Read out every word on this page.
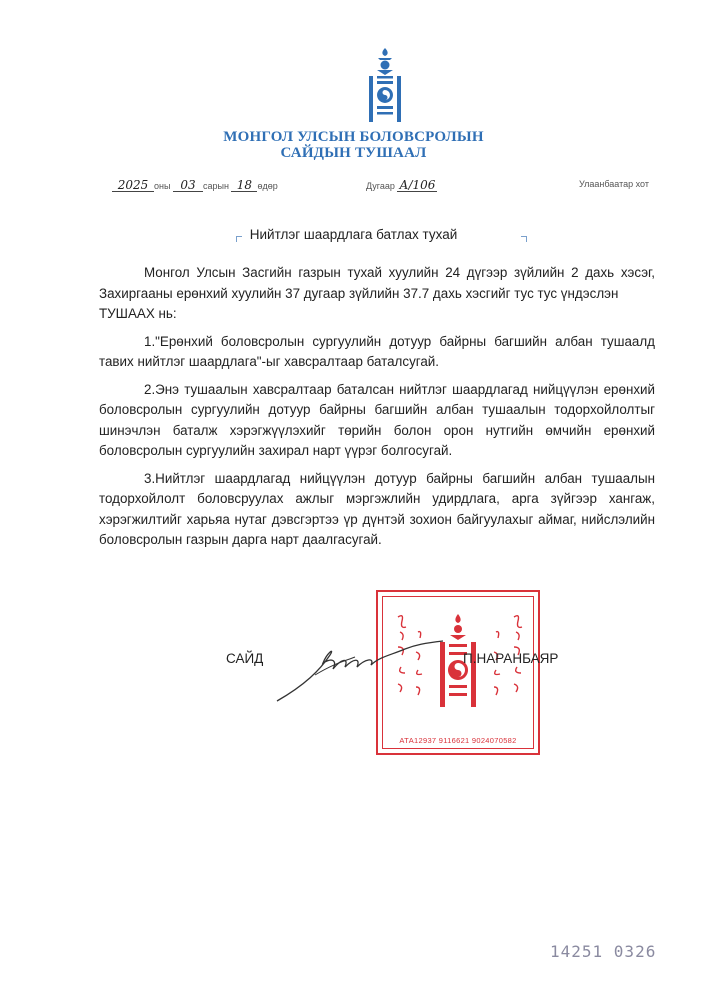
МОНГОЛ УЛСЫН БОЛОВСРОЛЫН
САЙДЫН ТУШААЛ
2025 оны 03 сарын 18 өдөр	Дугаар А/106	Улаанбаатар хот
Нийтлэг шаардлага батлах тухай

Монгол Улсын Засгийн газрын тухай хуулийн 24 дүгээр зүйлийн 2 дахь хэсэг, Захиргааны ерөнхий хуулийн 37 дугаар зүйлийн 37.7 дахь хэсгийг тус тус үндэслэн
ТУШААХ нь:

1."Ерөнхий боловсролын сургуулийн дотуур байрны багшийн албан тушаалд тавих нийтлэг шаардлага"-ыг хавсралтаар баталсугай.

2.Энэ тушаалын хавсралтаар баталсан нийтлэг шаардлагад нийцүүлэн ерөнхий боловсролын сургуулийн дотуур байрны багшийн албан тушаалын тодорхойлолтыг шинэчлэн баталж хэрэгжүүлэхийг төрийн болон орон нутгийн өмчийн ерөнхий боловсролын сургуулийн захирал нарт үүрэг болгосугай.

3.Нийтлэг шаардлагад нийцүүлэн дотуур байрны багшийн албан тушаалын тодорхойлолт боловсруулах ажлыг мэргэжлийн удирдлага, арга зүйгээр хангаж, хэрэгжилтийг харьяа нутаг дэвсгэртээ үр дүнтэй зохион байгуулахыг аймаг, нийслэлийн боловсролын газрын дарга нарт даалгасугай.

АТА12937 9116621 9024070582
САЙД	П.НАРАНБАЯР
14251 0326
